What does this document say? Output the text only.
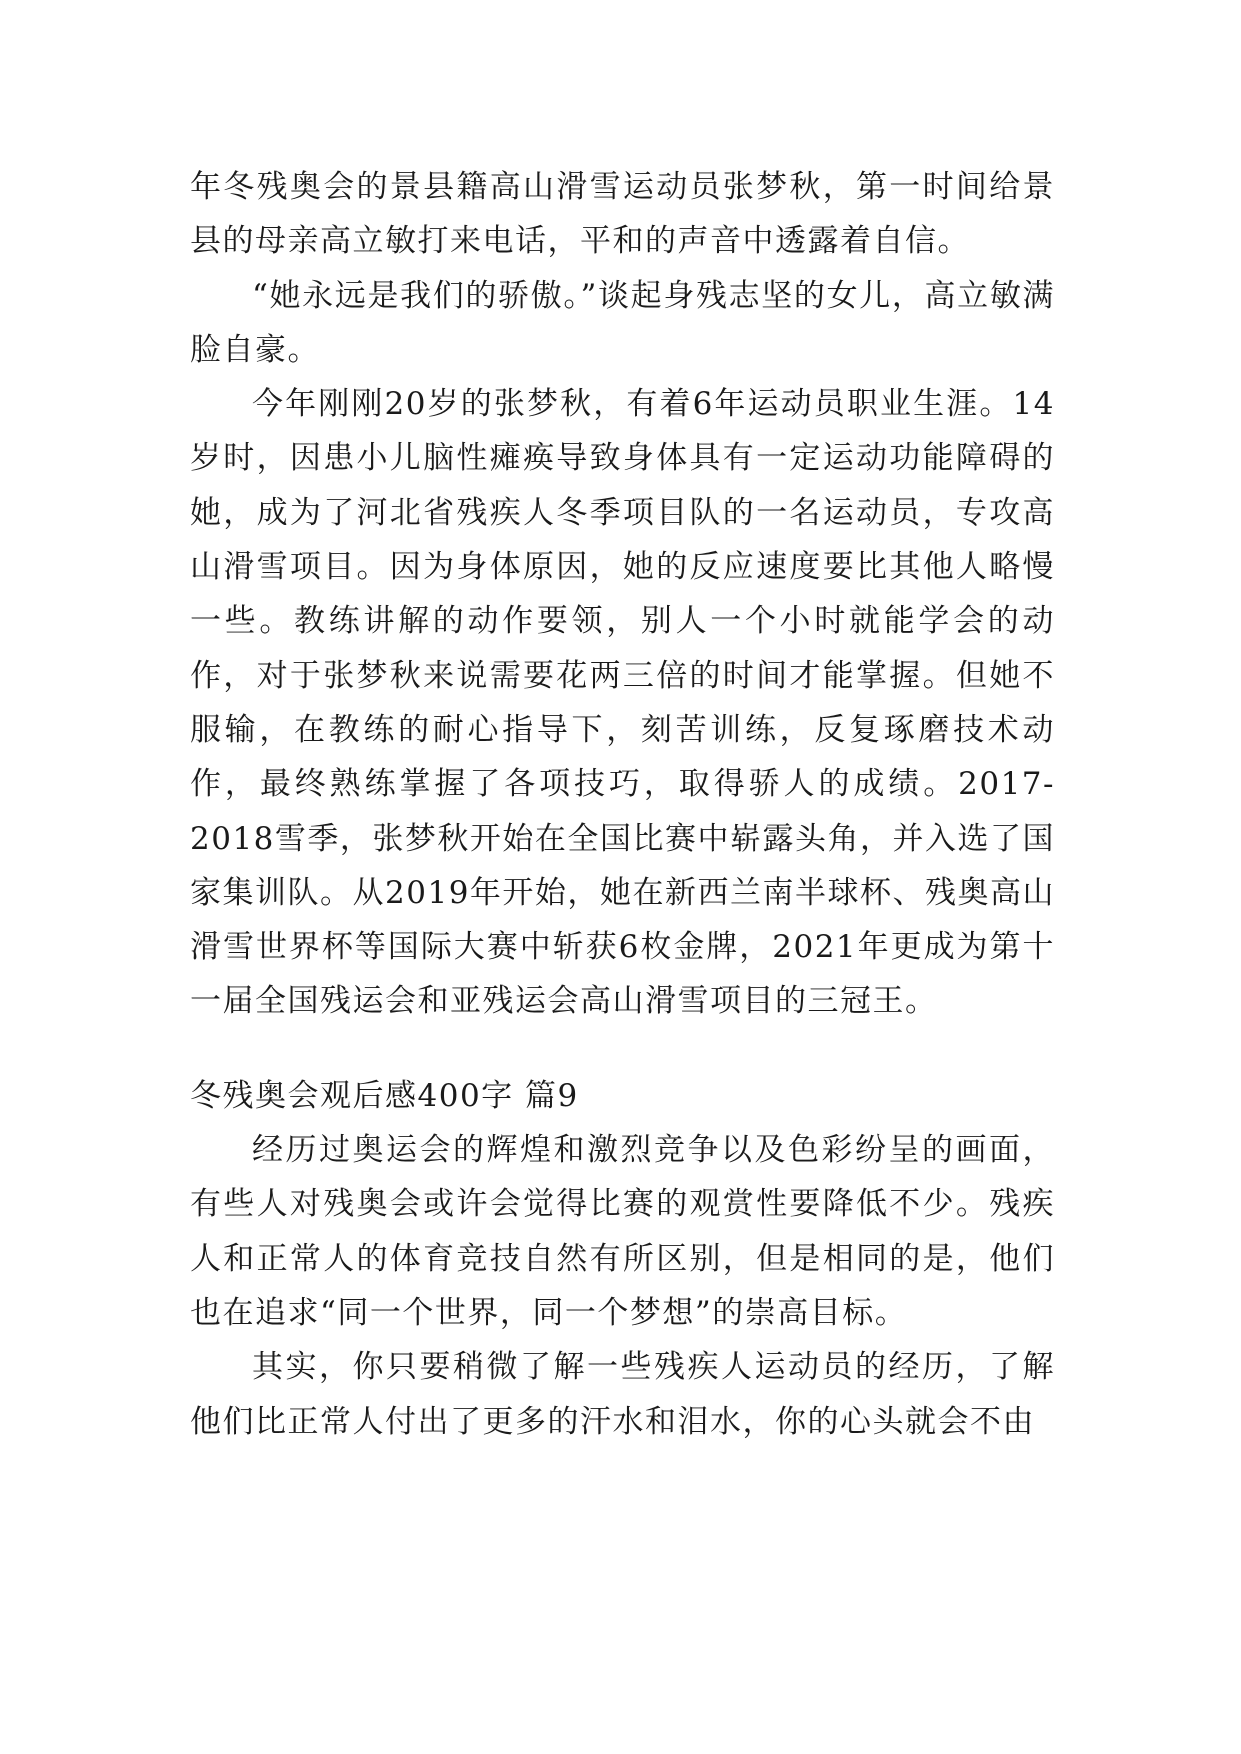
年冬残奥会的景县籍高山滑雪运动员张梦秋，第一时间给景县的母亲高立敏打来电话，平和的声音中透露着自信。

“她永远是我们的骄傲。”谈起身残志坚的女儿，高立敏满脸自豪。

今年刚刚20岁的张梦秋，有着6年运动员职业生涯。14岁时，因患小儿脑性瘫痪导致身体具有一定运动功能障碍的她，成为了河北省残疾人冬季项目队的一名运动员，专攻高山滑雪项目。因为身体原因，她的反应速度要比其他人略慢一些。教练讲解的动作要领，别人一个小时就能学会的动作，对于张梦秋来说需要花两三倍的时间才能掌握。但她不服输，在教练的耐心指导下，刻苦训练，反复琢磨技术动作，最终熟练掌握了各项技巧，取得骄人的成绩。2017-2018雪季，张梦秋开始在全国比赛中崭露头角，并入选了国家集训队。从2019年开始，她在新西兰南半球杯、残奥高山滑雪世界杯等国际大赛中斩获6枚金牌，2021年更成为第十一届全国残运会和亚残运会高山滑雪项目的三冠王。

冬残奥会观后感400字 篇9

经历过奥运会的辉煌和激烈竞争以及色彩纷呈的画面，有些人对残奥会或许会觉得比赛的观赏性要降低不少。残疾人和正常人的体育竞技自然有所区别，但是相同的是，他们也在追求“同一个世界，同一个梦想”的崇高目标。

其实，你只要稍微了解一些残疾人运动员的经历，了解他们比正常人付出了更多的汗水和泪水，你的心头就会不由
